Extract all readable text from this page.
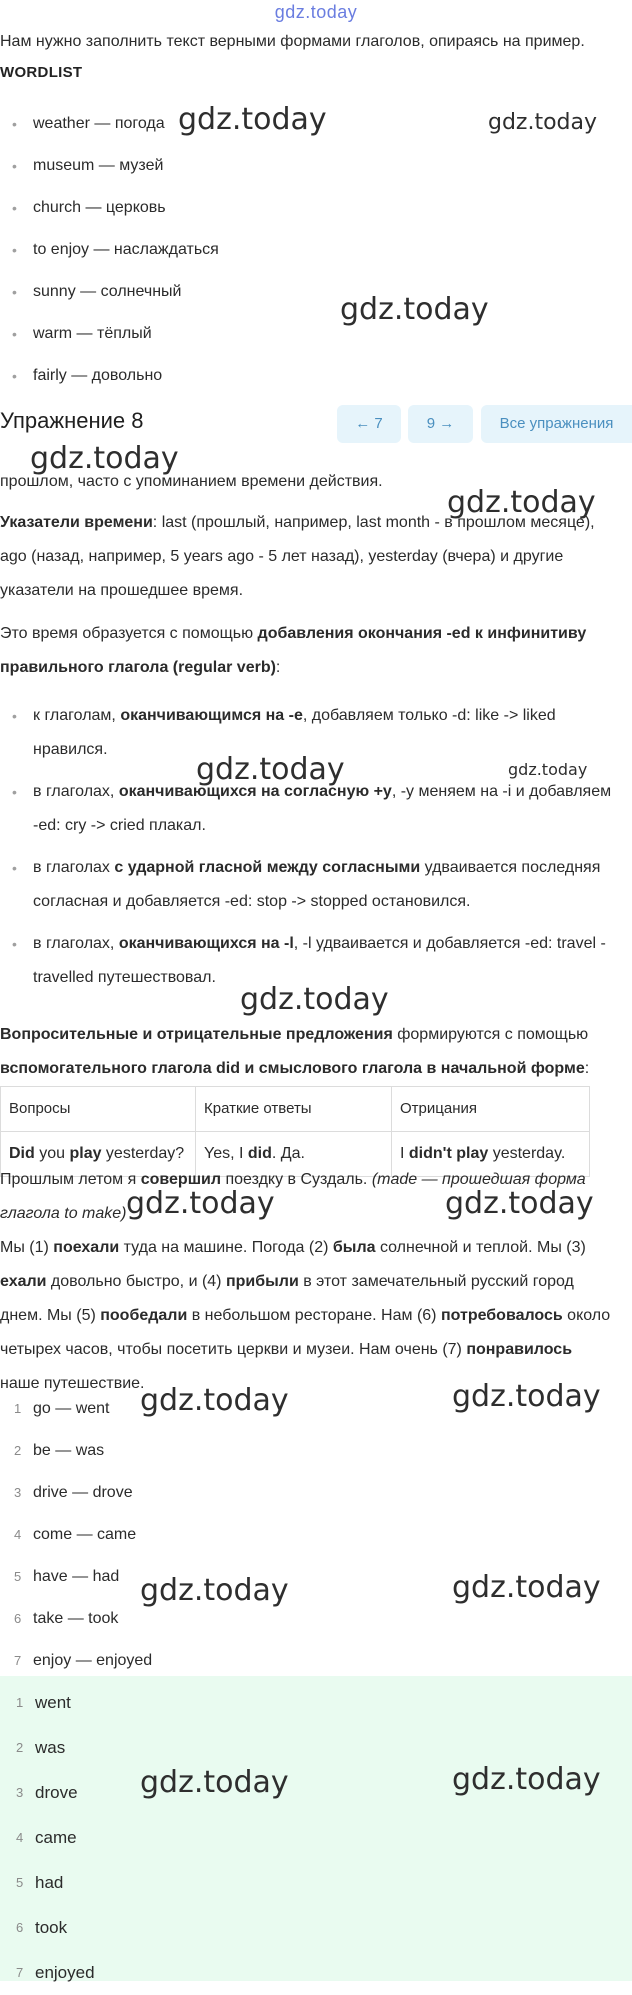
gdz.today
Нам нужно заполнить текст верными формами глаголов, опираясь на пример.
WORDLIST
• weather — погода
• museum — музей
• church — церковь
• to enjoy — наслаждаться
• sunny — солнечный
• warm — тёплый
• fairly — довольно
Упражнение 8	← 7	9 →	Все упражнения
прошлом, часто с упоминанием времени действия.
Указатели времени: last (прошлый, например, last month - в прошлом месяце),
ago (назад, например, 5 years ago - 5 лет назад), yesterday (вчера) и другие
указатели на прошедшее время.
Это время образуется с помощью добавления окончания -ed к инфинитиву
правильного глагола (regular verb):
• к глаголам, оканчивающимся на -e, добавляем только -d: like -> liked
нравился.
• в глаголах, оканчивающихся на согласную +y, -y меняем на -i и добавляем
-ed: cry -> cried плакал.
• в глаголах с ударной гласной между согласными удваивается последняя
согласная и добавляется -ed: stop -> stopped остановился.
• в глаголах, оканчивающихся на -l, -l удваивается и добавляется -ed: travel -
travelled путешествовал.
Вопросительные и отрицательные предложения формируются с помощью
вспомогательного глагола did и смыслового глагола в начальной форме:
Вопросы	Краткие ответы	Отрицания
Did you play yesterday?	Yes, I did. Да.	I didn't play yesterday.
Прошлым летом я совершил поездку в Суздаль. (made — прошедшая форма
глагола to make)
Мы (1) поехали туда на машине. Погода (2) была солнечной и теплой. Мы (3)
ехали довольно быстро, и (4) прибыли в этот замечательный русский город
днем. Мы (5) пообедали в небольшом ресторане. Нам (6) потребовалось около
четырех часов, чтобы посетить церкви и музеи. Нам очень (7) понравилось
наше путешествие.
1 go — went
2 be — was
3 drive — drove
4 come — came
5 have — had
6 take — took
7 enjoy — enjoyed
1 went
2 was
3 drove
4 came
5 had
6 took
7 enjoyed
gdz.today	gdz.today
gdz.today
gdz.today
gdz.today
gdz.today	gdz.today
gdz.today
gdz.today	gdz.today
gdz.today	gdz.today
gdz.today	gdz.today
gdz.today	gdz.today
